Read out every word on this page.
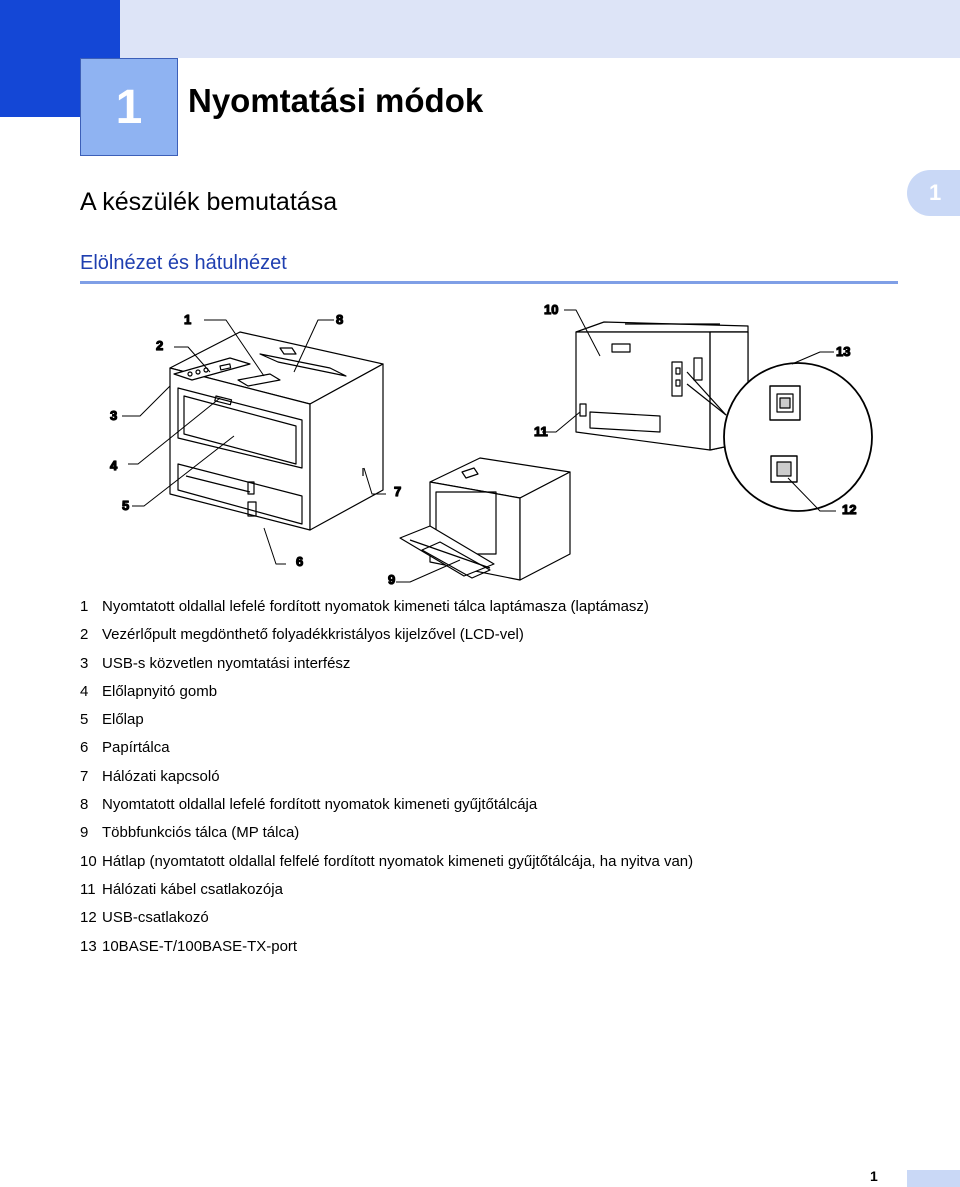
1	Nyomtatási módok
A készülék bemutatása	1
Elölnézet és hátulnézet
1
2
3
4
5
6
7
8
9
10
11
12
13
1 Nyomtatott oldallal lefelé fordított nyomatok kimeneti tálca laptámasza (laptámasz)
2 Vezérlőpult megdönthető folyadékkristályos kijelzővel (LCD-vel)
3 USB-s közvetlen nyomtatási interfész
4 Előlapnyitó gomb
5 Előlap
6 Papírtálca
7 Hálózati kapcsoló
8 Nyomtatott oldallal lefelé fordított nyomatok kimeneti gyűjtőtálcája
9 Többfunkciós tálca (MP tálca)
10 Hátlap (nyomtatott oldallal felfelé fordított nyomatok kimeneti gyűjtőtálcája, ha nyitva van)
11 Hálózati kábel csatlakozója
12 USB-csatlakozó
13 10BASE-T/100BASE-TX-port
1
